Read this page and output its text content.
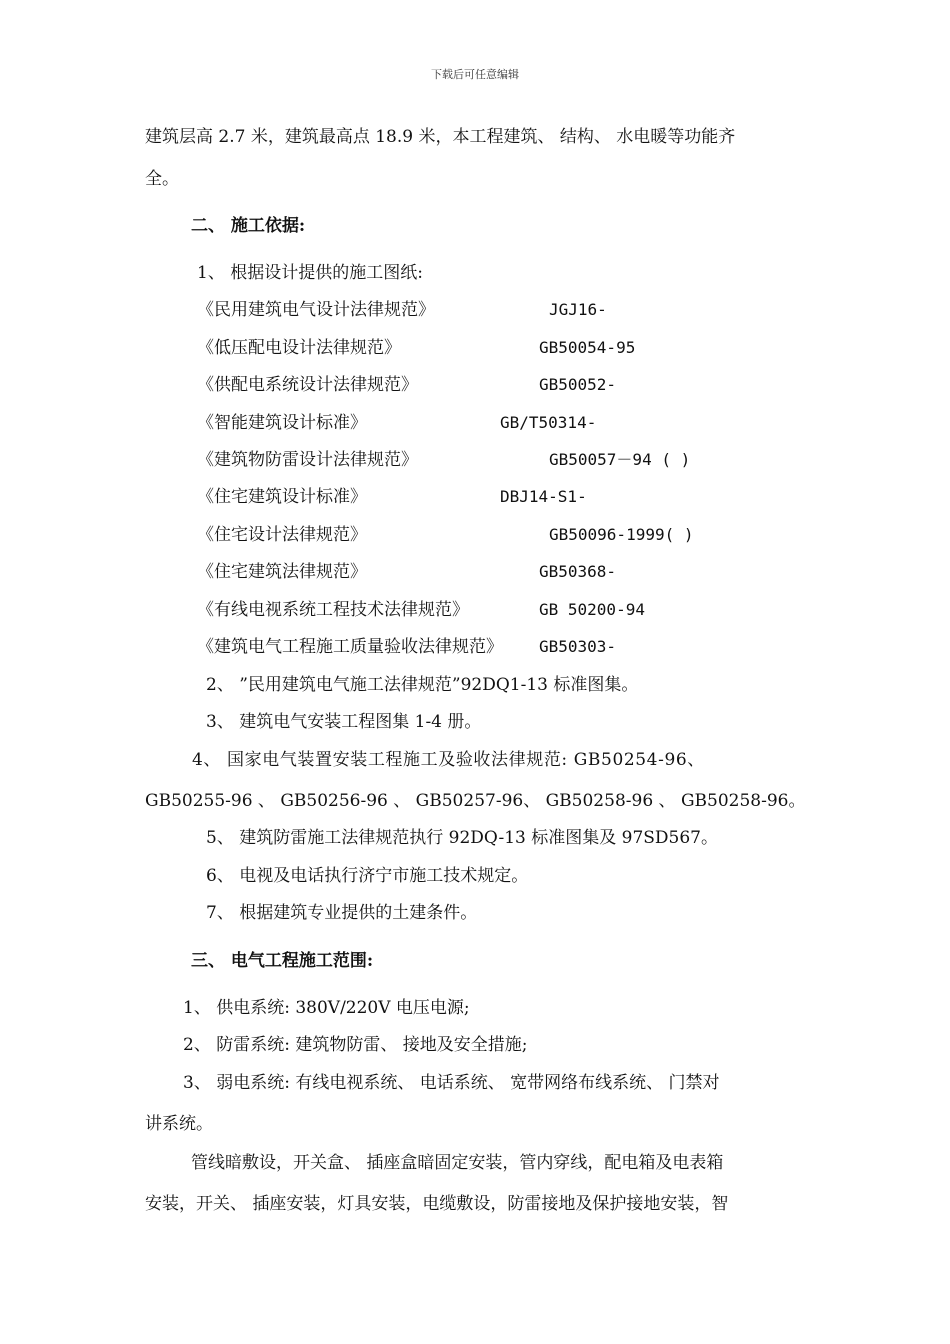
下载后可任意编辑
建筑层高 2.7 米，建筑最高点 18.9 米，本工程建筑、 结构、 水电暖等功能齐
全。
二、 施工依据:
1、 根据设计提供的施工图纸:
《民用建筑电气设计法律规范》	JGJ16-
《低压配电设计法律规范》	GB50054-95
《供配电系统设计法律规范》	GB50052-
《智能建筑设计标准》	GB/T50314-
《建筑物防雷设计法律规范》	GB50057－94 ( )
《住宅建筑设计标准》	DBJ14-S1-
《住宅设计法律规范》	GB50096-1999( )
《住宅建筑法律规范》	GB50368-
《有线电视系统工程技术法律规范》	GB 50200-94
《建筑电气工程施工质量验收法律规范》 GB50303-
2、 ”民用建筑电气施工法律规范”92DQ1-13 标准图集。
3、 建筑电气安装工程图集 1-4 册。
4、 国家电气装置安装工程施工及验收法律规范: GB50254-96、
GB50255-96 、 GB50256-96 、 GB50257-96、 GB50258-96 、 GB50258-96。
5、 建筑防雷施工法律规范执行 92DQ-13 标准图集及 97SD567。
6、 电视及电话执行济宁市施工技术规定。
7、 根据建筑专业提供的土建条件。
三、 电气工程施工范围:
1、 供电系统: 380V/220V 电压电源;
2、 防雷系统: 建筑物防雷、 接地及安全措施;
3、 弱电系统: 有线电视系统、 电话系统、 宽带网络布线系统、 门禁对
讲系统。
管线暗敷设，开关盒、 插座盒暗固定安装，管内穿线，配电箱及电表箱
安装，开关、 插座安装，灯具安装，电缆敷设，防雷接地及保护接地安装，智
